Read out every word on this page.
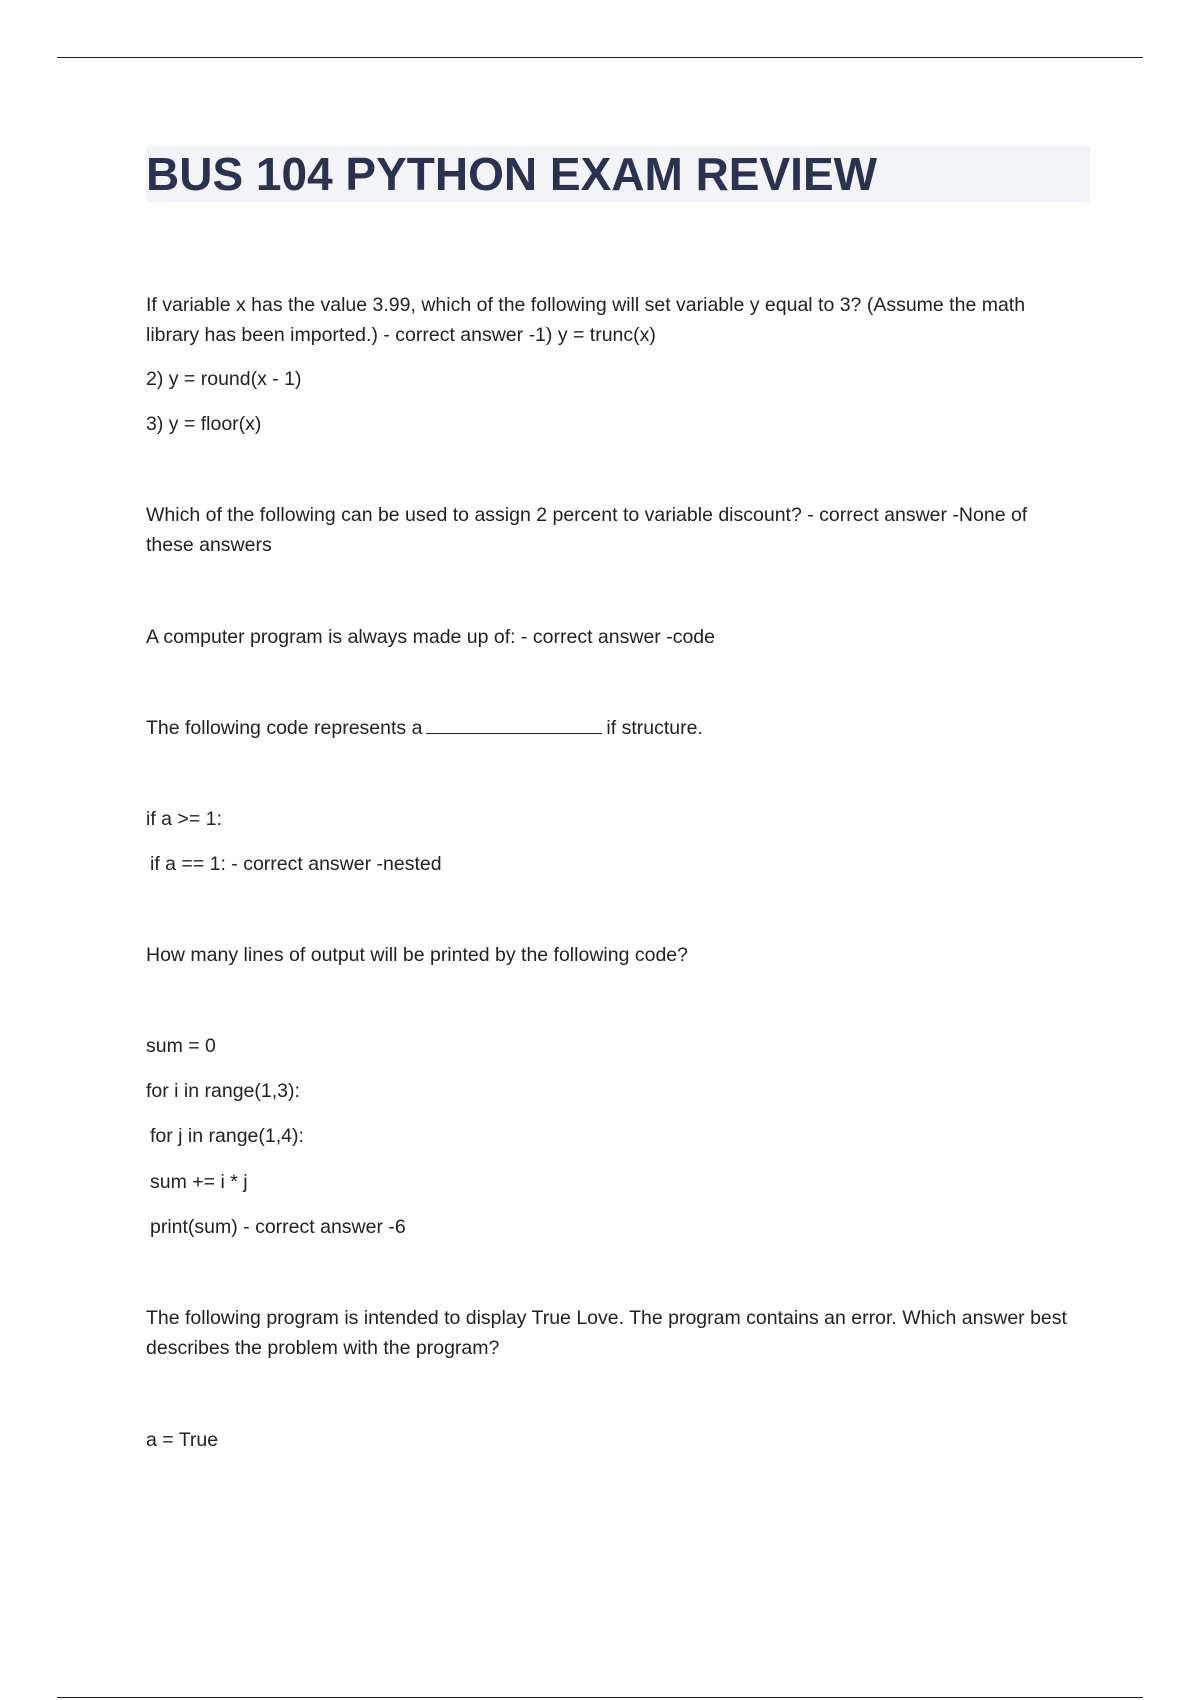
BUS 104 PYTHON EXAM REVIEW

If variable x has the value 3.99, which of the following will set variable y equal to 3? (Assume the math library has been imported.) - correct answer -1) y = trunc(x)

2) y = round(x - 1)

3) y = floor(x)

Which of the following can be used to assign 2 percent to variable discount? - correct answer -None of these answers

A computer program is always made up of: - correct answer -code

The following code represents a	if structure.

if a >= 1:

if a == 1: - correct answer -nested

How many lines of output will be printed by the following code?

sum = 0

for i in range(1,3):

for j in range(1,4):

sum += i * j

print(sum) - correct answer -6

The following program is intended to display True Love. The program contains an error. Which answer best describes the problem with the program?

a = True
